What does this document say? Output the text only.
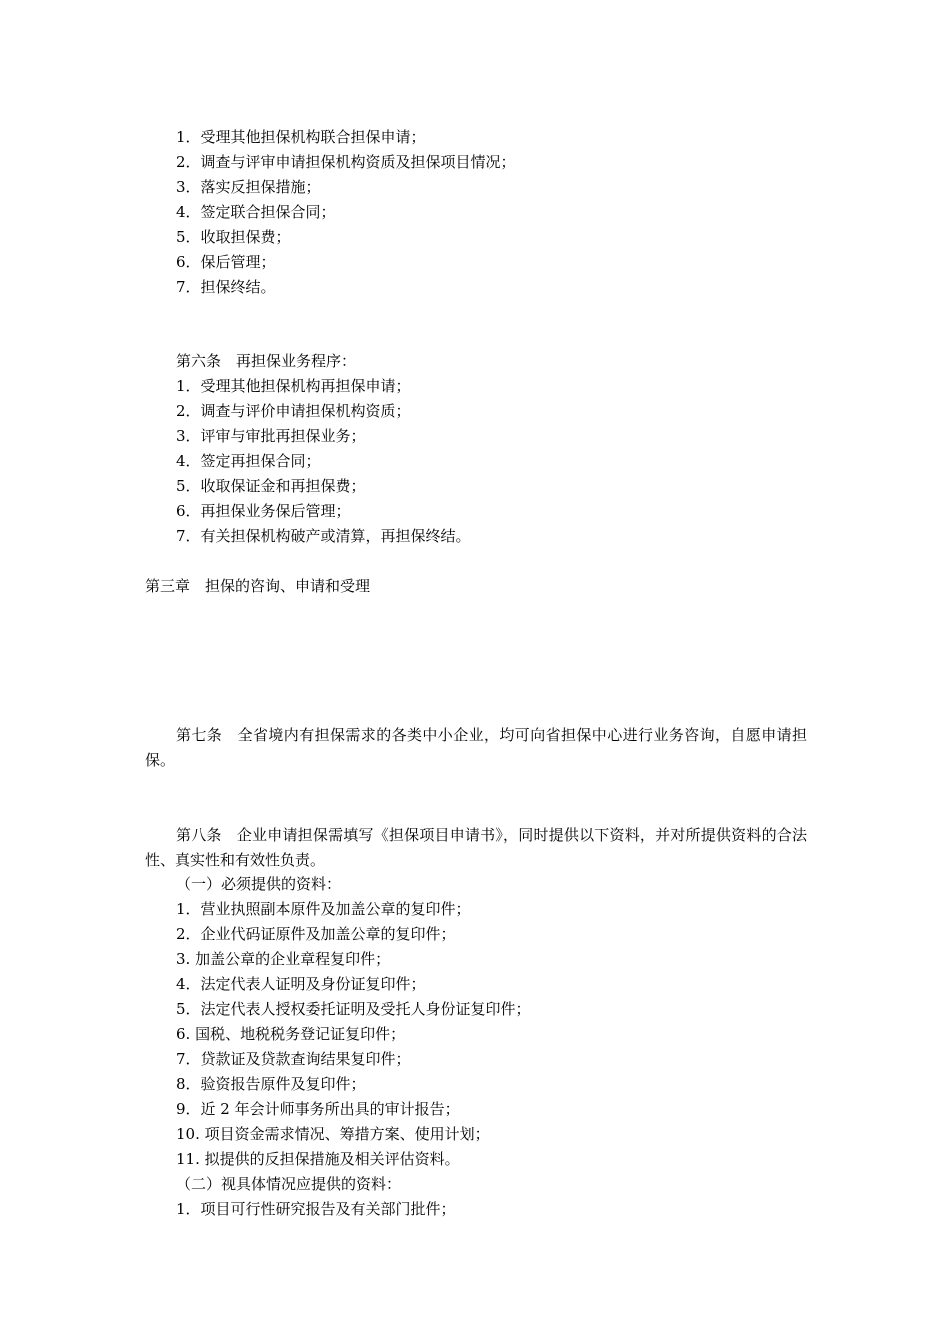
1．受理其他担保机构联合担保申请；
2．调查与评审申请担保机构资质及担保项目情况；
3．落实反担保措施；
4．签定联合担保合同；
5．收取担保费；
6．保后管理；
7．担保终结。
第六条　再担保业务程序：
1．受理其他担保机构再担保申请；
2．调查与评价申请担保机构资质；
3．评审与审批再担保业务；
4．签定再担保合同；
5．收取保证金和再担保费；
6．再担保业务保后管理；
7．有关担保机构破产或清算，再担保终结。
第三章　担保的咨询、申请和受理
第七条　全省境内有担保需求的各类中小企业，均可向省担保中心进行业务咨询，自愿申请担保。
第八条　企业申请担保需填写《担保项目申请书》，同时提供以下资料，并对所提供资料的合法性、真实性和有效性负责。
（一）必须提供的资料：
1．营业执照副本原件及加盖公章的复印件；
2．企业代码证原件及加盖公章的复印件；
3. 加盖公章的企业章程复印件；
4．法定代表人证明及身份证复印件；
5．法定代表人授权委托证明及受托人身份证复印件；
6. 国税、地税税务登记证复印件；
7．贷款证及贷款查询结果复印件；
8．验资报告原件及复印件；
9．近 2 年会计师事务所出具的审计报告；
10. 项目资金需求情况、筹措方案、使用计划；
11. 拟提供的反担保措施及相关评估资料。
（二）视具体情况应提供的资料：
1．项目可行性研究报告及有关部门批件；
